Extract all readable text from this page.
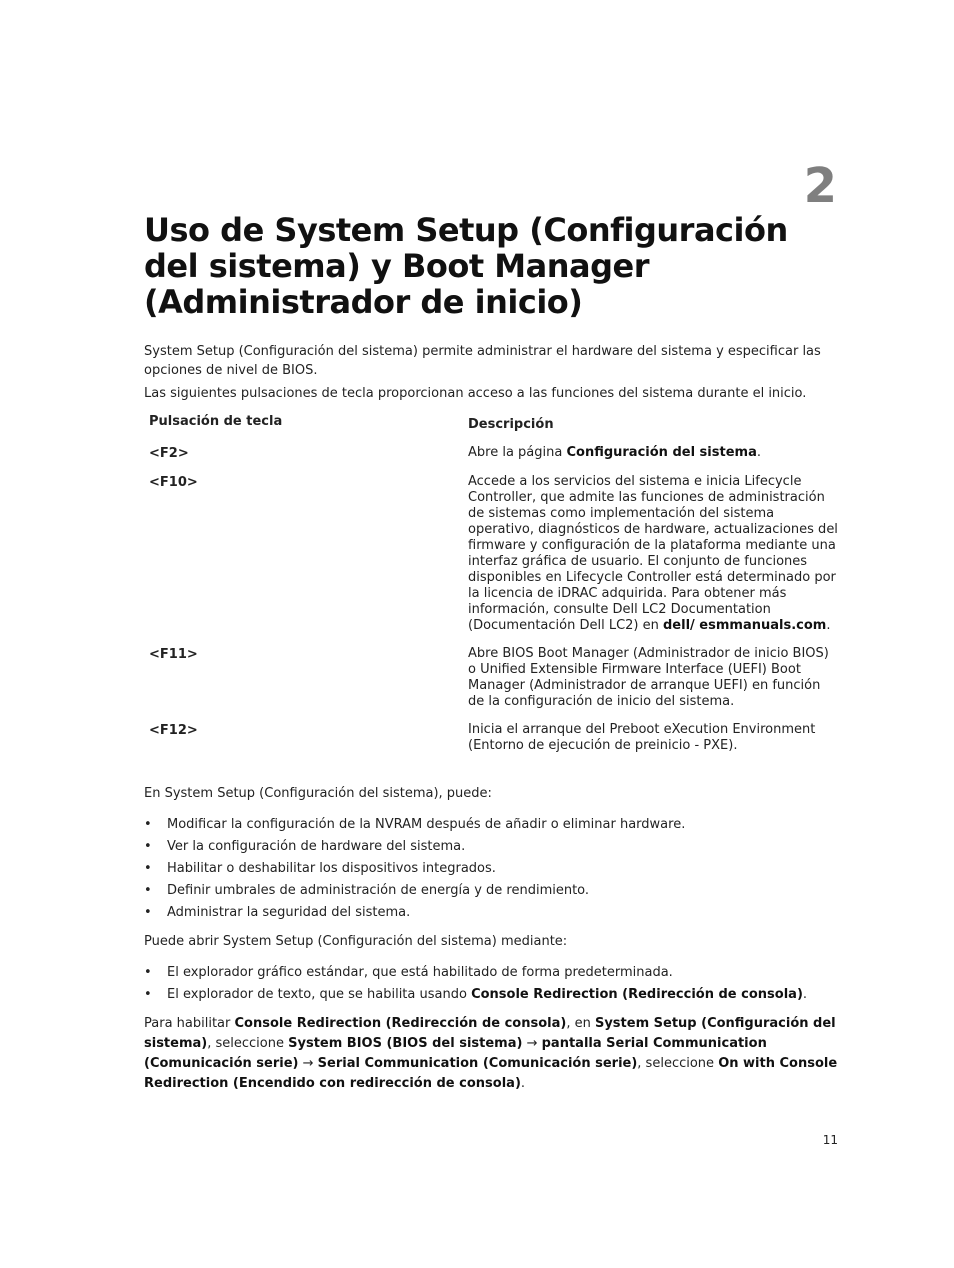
2
Uso de System Setup (Configuración del sistema) y Boot Manager (Administrador de inicio)

System Setup (Configuración del sistema) permite administrar el hardware del sistema y especificar las opciones de nivel de BIOS.

Las siguientes pulsaciones de tecla proporcionan acceso a las funciones del sistema durante el inicio.

Pulsación de tecla	Descripción
<F2>	Abre la página Configuración del sistema.
<F10>	Accede a los servicios del sistema e inicia Lifecycle Controller, que admite las funciones de administración de sistemas como implementación del sistema operativo, diagnósticos de hardware, actualizaciones del firmware y configuración de la plataforma mediante una interfaz gráfica de usuario. El conjunto de funciones disponibles en Lifecycle Controller está determinado por la licencia de iDRAC adquirida. Para obtener más información, consulte Dell LC2 Documentation (Documentación Dell LC2) en dell/ esmmanuals.com.
<F11>	Abre BIOS Boot Manager (Administrador de inicio BIOS) o Unified Extensible Firmware Interface (UEFI) Boot Manager (Administrador de arranque UEFI) en función de la configuración de inicio del sistema.
<F12>	Inicia el arranque del Preboot eXecution Environment (Entorno de ejecución de preinicio - PXE).

En System Setup (Configuración del sistema), puede:

• Modificar la configuración de la NVRAM después de añadir o eliminar hardware.
• Ver la configuración de hardware del sistema.
• Habilitar o deshabilitar los dispositivos integrados.
• Definir umbrales de administración de energía y de rendimiento.
• Administrar la seguridad del sistema.

Puede abrir System Setup (Configuración del sistema) mediante:

• El explorador gráfico estándar, que está habilitado de forma predeterminada.
• El explorador de texto, que se habilita usando Console Redirection (Redirección de consola).

Para habilitar Console Redirection (Redirección de consola), en System Setup (Configuración del sistema), seleccione System BIOS (BIOS del sistema) → pantalla Serial Communication (Comunicación serie) → Serial Communication (Comunicación serie), seleccione On with Console Redirection (Encendido con redirección de consola).

11
